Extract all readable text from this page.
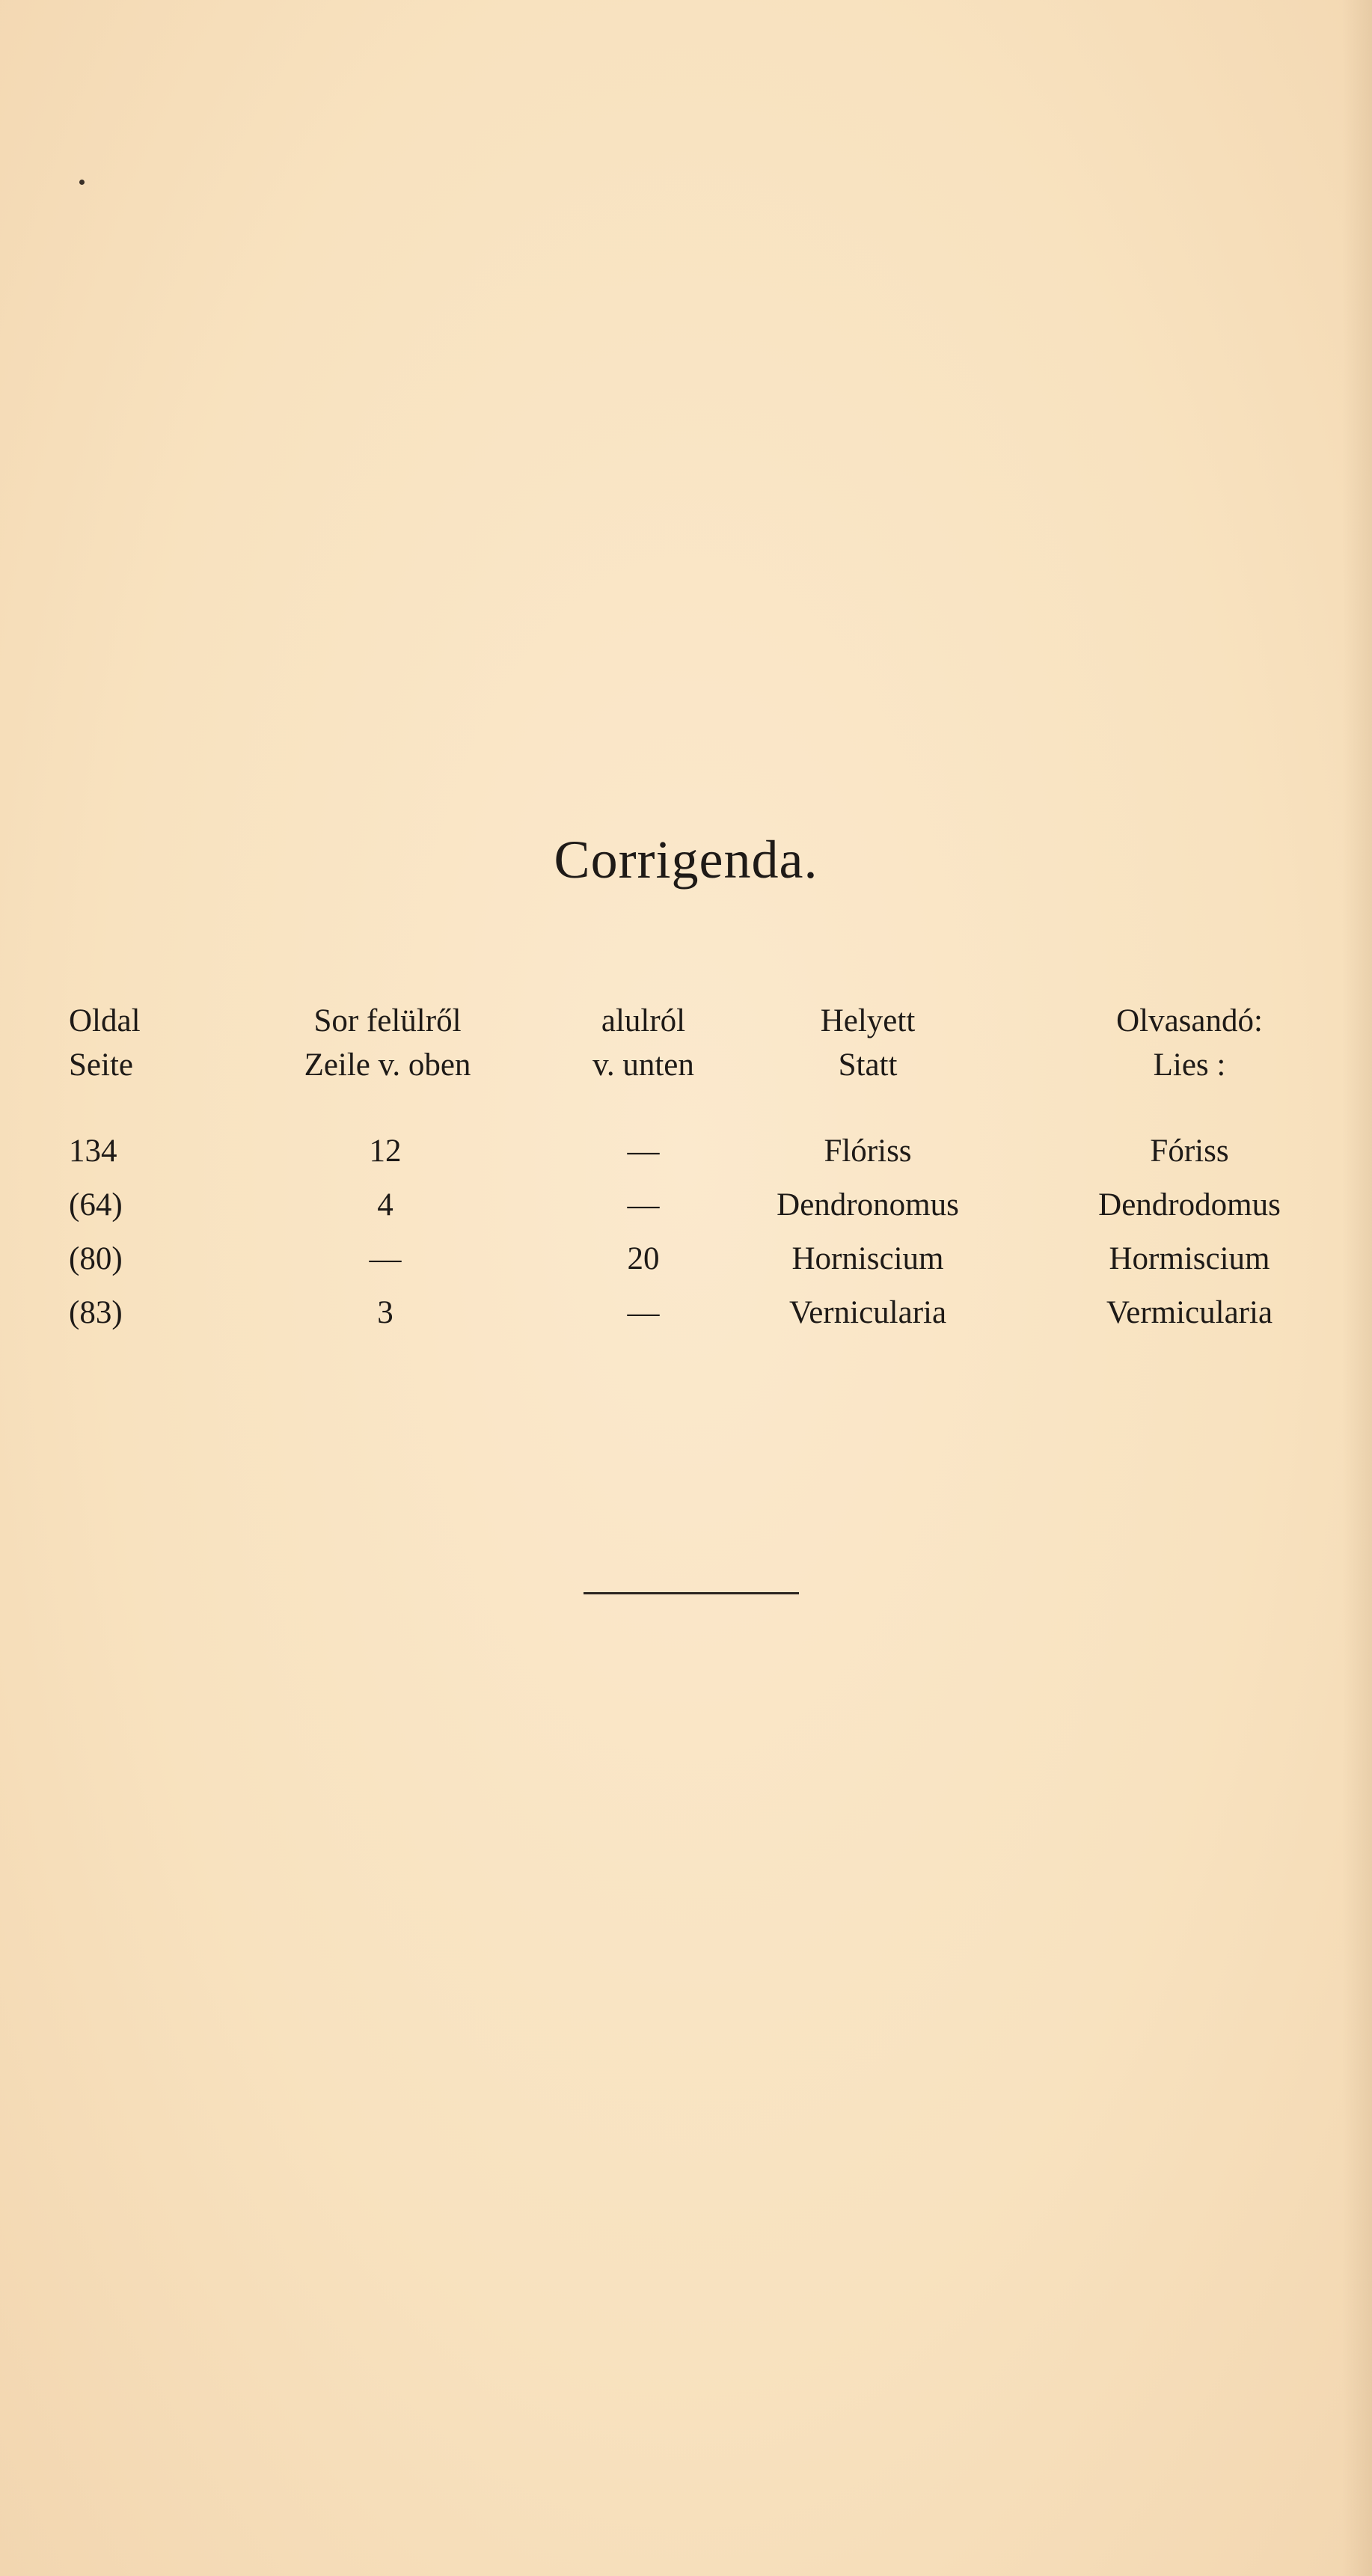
Corrigenda.
Oldal	Sor felülről	alulról	Helyett	Olvasandó:
Seite	Zeile v. oben	v. unten	Statt	Lies :
134	12	—	Flóriss	Fóriss
(64)	4	—	Dendronomus	Dendrodomus
(80)	—	20	Horniscium	Hormiscium
(83)	3	—	Vernicularia	Vermicularia
